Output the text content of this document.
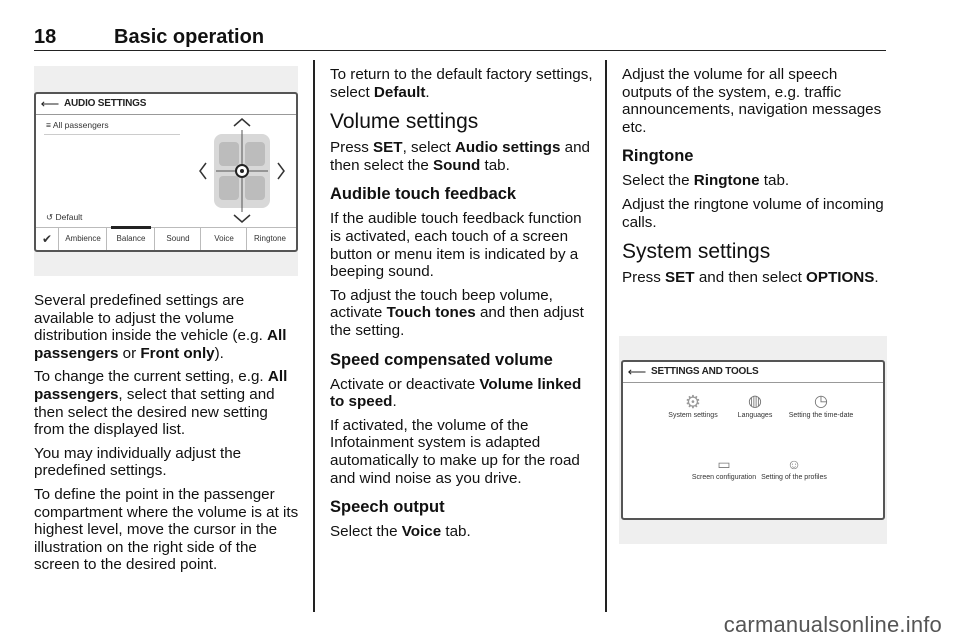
18	Basic operation
⟵ AUDIO SETTINGS
≡ All passengers
↺ Default
✔	Ambience	Balance	Sound	Voice	Ringtone

Several predefined settings are available to adjust the volume distribution inside the vehicle (e.g. All passengers or Front only).

To change the current setting, e.g. All passengers, select that setting and then select the desired new setting from the displayed list.

You may individually adjust the predefined settings.

To define the point in the passenger compartment where the volume is at its highest level, move the cursor in the illustration on the right side of the screen to the desired point.

To return to the default factory settings, select Default.

Volume settings

Press SET, select Audio settings and then select the Sound tab.

Audible touch feedback

If the audible touch feedback function is activated, each touch of a screen button or menu item is indicated by a beeping sound.

To adjust the touch beep volume, activate Touch tones and then adjust the setting.

Speed compensated volume

Activate or deactivate Volume linked to speed.

If activated, the volume of the Infotainment system is adapted automatically to make up for the road and wind noise as you drive.

Speech output

Select the Voice tab.

Adjust the volume for all speech outputs of the system, e.g. traffic announcements, navigation messages etc.

Ringtone

Select the Ringtone tab.

Adjust the ringtone volume of incoming calls.

System settings

Press SET and then select OPTIONS.

⟵ SETTINGS AND TOOLS
⚙
System settings
◍
Languages
◷
Setting the time-date
▭
Screen configuration
☺
Setting of the profiles
carmanualsonline.info
